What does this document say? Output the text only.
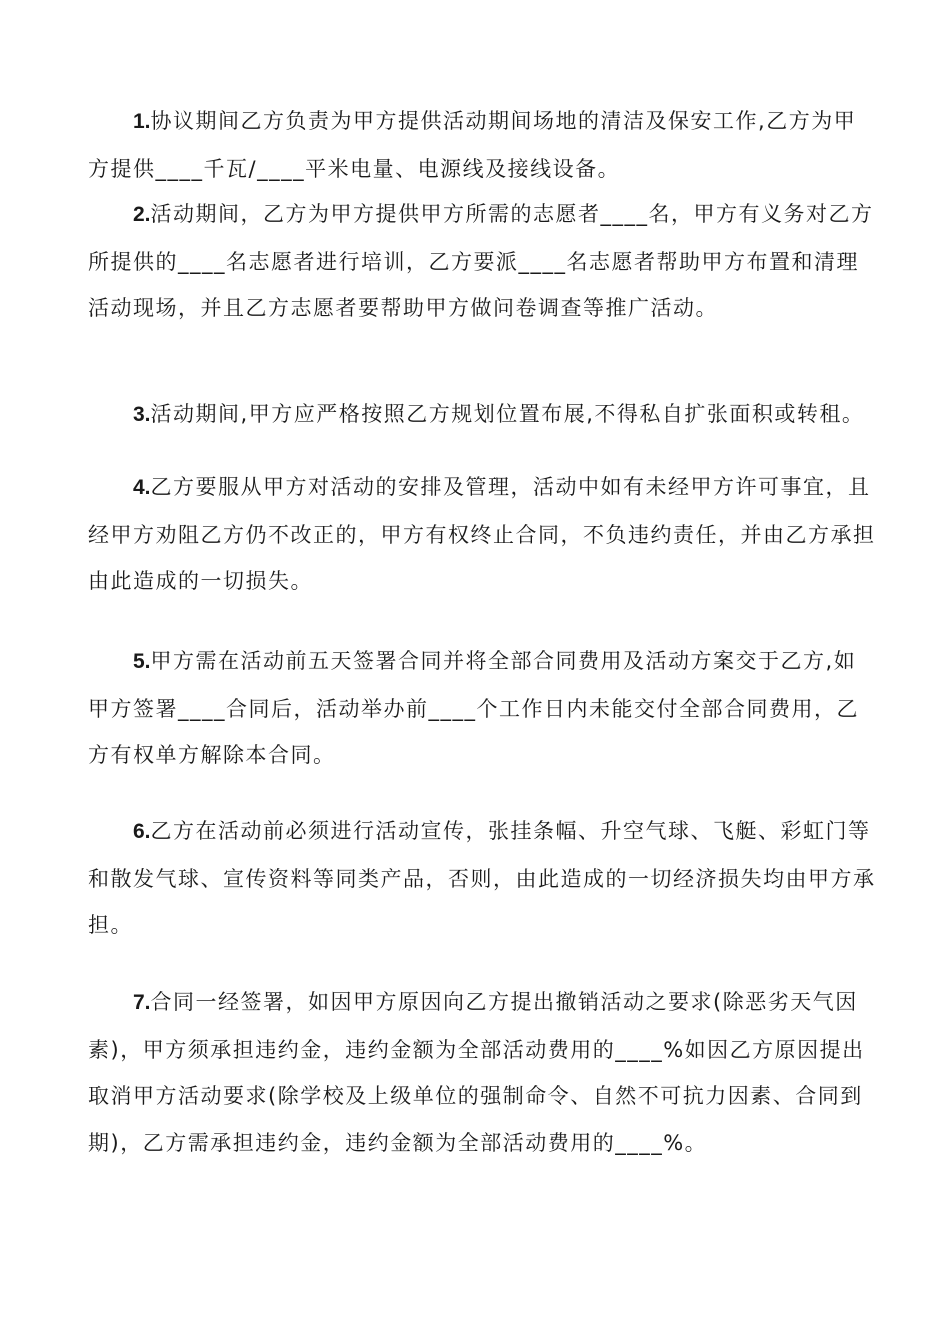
1.协议期间乙方负责为甲方提供活动期间场地的清洁及保安工作,乙方为甲方提供____千瓦/____平米电量、电源线及接线设备。

2.活动期间，乙方为甲方提供甲方所需的志愿者____名，甲方有义务对乙方所提供的____名志愿者进行培训，乙方要派____名志愿者帮助甲方布置和清理活动现场，并且乙方志愿者要帮助甲方做问卷调查等推广活动。

3.活动期间,甲方应严格按照乙方规划位置布展,不得私自扩张面积或转租。

4.乙方要服从甲方对活动的安排及管理，活动中如有未经甲方许可事宜，且经甲方劝阻乙方仍不改正的，甲方有权终止合同，不负违约责任，并由乙方承担由此造成的一切损失。

5.甲方需在活动前五天签署合同并将全部合同费用及活动方案交于乙方,如甲方签署____合同后，活动举办前____个工作日内未能交付全部合同费用，乙方有权单方解除本合同。

6.乙方在活动前必须进行活动宣传，张挂条幅、升空气球、飞艇、彩虹门等和散发气球、宣传资料等同类产品，否则，由此造成的一切经济损失均由甲方承担。

7.合同一经签署，如因甲方原因向乙方提出撤销活动之要求(除恶劣天气因素)，甲方须承担违约金，违约金额为全部活动费用的____%如因乙方原因提出取消甲方活动要求(除学校及上级单位的强制命令、自然不可抗力因素、合同到期)，乙方需承担违约金，违约金额为全部活动费用的____%。
